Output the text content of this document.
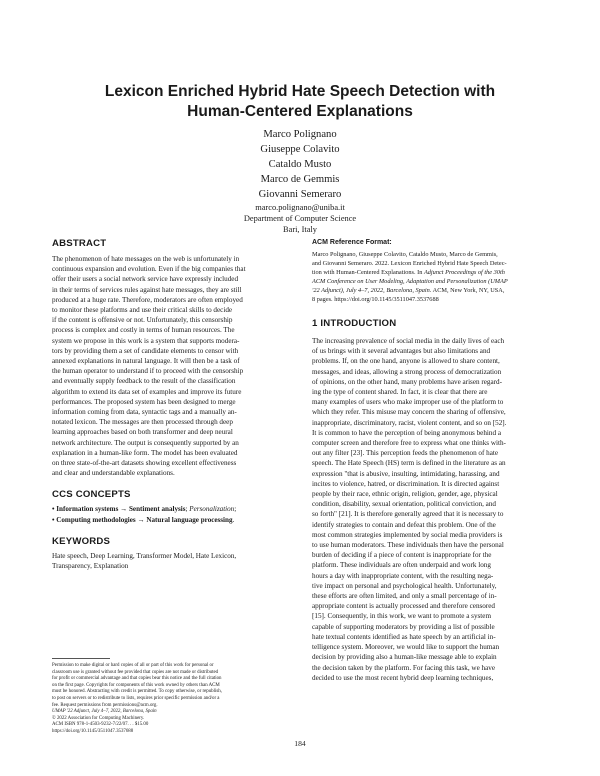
Lexicon Enriched Hybrid Hate Speech Detection with
Human-Centered Explanations
Marco Polignano
Giuseppe Colavito
Cataldo Musto
Marco de Gemmis
Giovanni Semeraro
marco.polignano@uniba.it
Department of Computer Science
Bari, Italy
ABSTRACT
The phenomenon of hate messages on the web is unfortunately in
continuous expansion and evolution. Even if the big companies that
offer their users a social network service have expressly included
in their terms of services rules against hate messages, they are still
produced at a huge rate. Therefore, moderators are often employed
to monitor these platforms and use their critical skills to decide
if the content is offensive or not. Unfortunately, this censorship
process is complex and costly in terms of human resources. The
system we propose in this work is a system that supports modera-
tors by providing them a set of candidate elements to censor with
annexed explanations in natural language. It will then be a task of
the human operator to understand if to proceed with the censorship
and eventually supply feedback to the result of the classification
algorithm to extend its data set of examples and improve its future
performances. The proposed system has been designed to merge
information coming from data, syntactic tags and a manually an-
notated lexicon. The messages are then processed through deep
learning approaches based on both transformer and deep neural
network architecture. The output is consequently supported by an
explanation in a human-like form. The model has been evaluated
on three state-of-the-art datasets showing excellent effectiveness
and clear and understandable explanations.
CCS CONCEPTS
• Information systems → Sentiment analysis; Personalization;
• Computing methodologies → Natural language processing.
KEYWORDS
Hate speech, Deep Learning, Transformer Model, Hate Lexicon,
Transparency, Explanation
Permission to make digital or hard copies of all or part of this work for personal or
classroom use is granted without fee provided that copies are not made or distributed
for profit or commercial advantage and that copies bear this notice and the full citation
on the first page. Copyrights for components of this work owned by others than ACM
must be honored. Abstracting with credit is permitted. To copy otherwise, or republish,
to post on servers or to redistribute to lists, requires prior specific permission and/or a
fee. Request permissions from permissions@acm.org.
UMAP '22 Adjunct, July 4–7, 2022, Barcelona, Spain
© 2022 Association for Computing Machinery.
ACM ISBN 978-1-4503-9232-7/22/07. . . $15.00
https://doi.org/10.1145/3511047.3537688

ACM Reference Format:

Marco Polignano, Giuseppe Colavito, Cataldo Musto, Marco de Gemmis,
and Giovanni Semeraro. 2022. Lexicon Enriched Hybrid Hate Speech Detec-
tion with Human-Centered Explanations. In Adjunct Proceedings of the 30th
ACM Conference on User Modeling, Adaptation and Personalization (UMAP
'22 Adjunct), July 4–7, 2022, Barcelona, Spain. ACM, New York, NY, USA,
8 pages. https://doi.org/10.1145/3511047.3537688
1 INTRODUCTION
The increasing prevalence of social media in the daily lives of each
of us brings with it several advantages but also limitations and
problems. If, on the one hand, anyone is allowed to share content,
messages, and ideas, allowing a strong process of democratization
of opinions, on the other hand, many problems have arisen regard-
ing the type of content shared. In fact, it is clear that there are
many examples of users who make improper use of the platform to
which they refer. This misuse may concern the sharing of offensive,
inappropriate, discriminatory, racist, violent content, and so on [52].
It is common to have the perception of being anonymous behind a
computer screen and therefore free to express what one thinks with-
out any filter [23]. This perception feeds the phenomenon of hate
speech. The Hate Speech (HS) term is defined in the literature as an
expression "that is abusive, insulting, intimidating, harassing, and
incites to violence, hatred, or discrimination. It is directed against
people by their race, ethnic origin, religion, gender, age, physical
condition, disability, sexual orientation, political conviction, and
so forth" [21]. It is therefore generally agreed that it is necessary to
identify strategies to contain and defeat this problem. One of the
most common strategies implemented by social media providers is
to use human moderators. These individuals then have the personal
burden of deciding if a piece of content is inappropriate for the
platform. These individuals are often underpaid and work long
hours a day with inappropriate content, with the resulting nega-
tive impact on personal and psychological health. Unfortunately,
these efforts are often limited, and only a small percentage of in-
appropriate content is actually processed and therefore censored
[15]. Consequently, in this work, we want to promote a system
capable of supporting moderators by providing a list of possible
hate textual contents identified as hate speech by an artificial in-
telligence system. Moreover, we would like to support the human
decision by providing also a human-like message able to explain
the decision taken by the platform. For facing this task, we have
decided to use the most recent hybrid deep learning techniques,
184
